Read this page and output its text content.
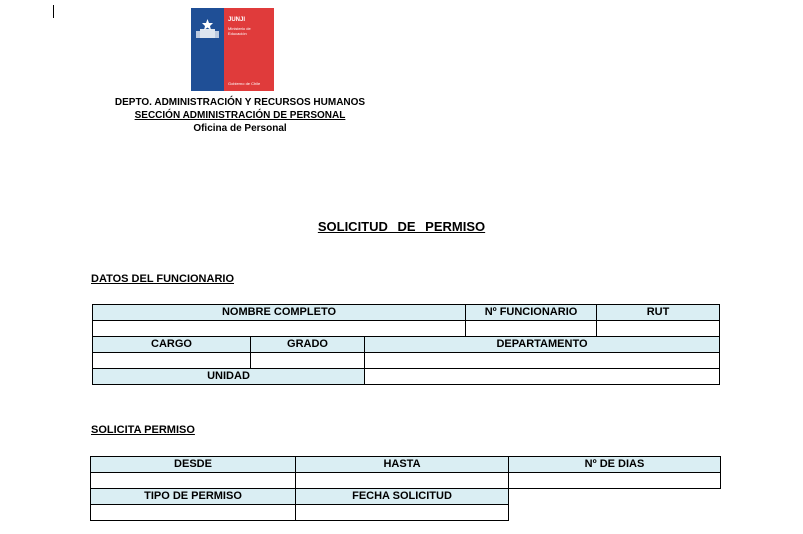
JUNJI
Ministerio de
Educación
Gobierno de Chile
DEPTO. ADMINISTRACIÓN Y RECURSOS HUMANOS
SECCIÓN ADMINISTRACIÓN DE PERSONAL
Oficina de Personal
SOLICITUD DE PERMISO
DATOS DEL FUNCIONARIO
NOMBRE COMPLETO			Nº FUNCIONARIO	RUT

CARGO	GRADO	DEPARTAMENTO		

UNIDAD				
SOLICITA PERMISO
DESDE	HASTA	Nº DE DIAS

TIPO DE PERMISO	FECHA SOLICITUD	
